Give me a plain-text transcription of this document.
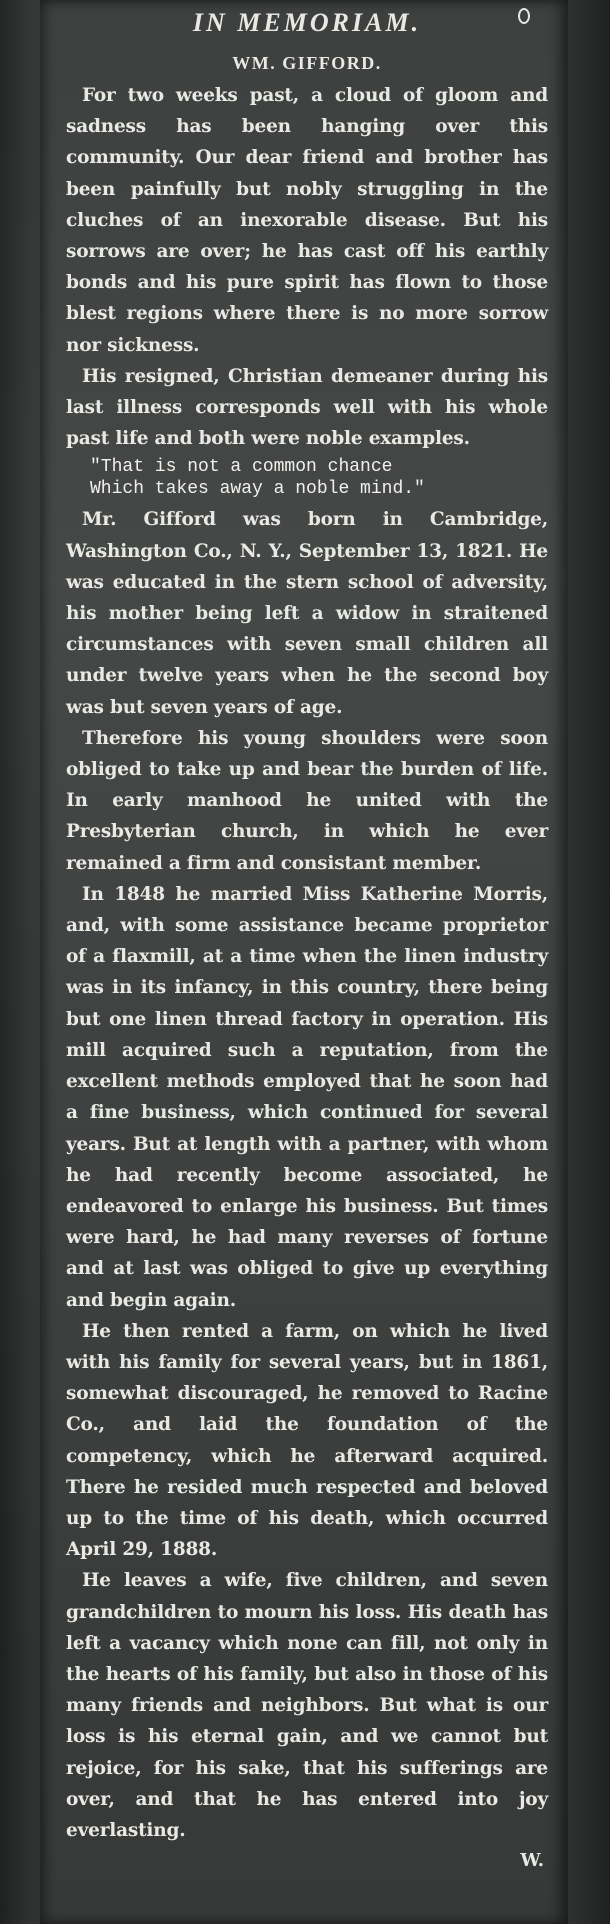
IN MEMORIAM.
WM. GIFFORD.

For two weeks past, a cloud of gloom and sadness has been hanging over this community. Our dear friend and brother has been painfully but nobly struggling in the cluches of an inexorable disease. But his sorrows are over; he has cast off his earthly bonds and his pure spirit has flown to those blest regions where there is no more sorrow nor sickness.

His resigned, Christian demeaner during his last illness corresponds well with his whole past life and both were noble examples.

"That is not a common chance
Which takes away a noble mind."

Mr. Gifford was born in Cambridge, Washington Co., N. Y., September 13, 1821. He was educated in the stern school of adversity, his mother being left a widow in straitened circumstances with seven small children all under twelve years when he the second boy was but seven years of age.

Therefore his young shoulders were soon obliged to take up and bear the burden of life. In early manhood he united with the Presbyterian church, in which he ever remained a firm and consistant member.

In 1848 he married Miss Katherine Morris, and, with some assistance became proprietor of a flaxmill, at a time when the linen industry was in its infancy, in this country, there being but one linen thread factory in operation. His mill acquired such a reputation, from the excellent methods employed that he soon had a fine business, which continued for several years. But at length with a partner, with whom he had recently become associated, he endeavored to enlarge his business. But times were hard, he had many reverses of fortune and at last was obliged to give up everything and begin again.

He then rented a farm, on which he lived with his family for several years, but in 1861, somewhat discouraged, he removed to Racine Co., and laid the foundation of the competency, which he afterward acquired. There he resided much respected and beloved up to the time of his death, which occurred April 29, 1888.

He leaves a wife, five children, and seven grandchildren to mourn his loss. His death has left a vacancy which none can fill, not only in the hearts of his family, but also in those of his many friends and neighbors. But what is our loss is his eternal gain, and we cannot but rejoice, for his sake, that his sufferings are over, and that he has entered into joy everlasting.

W.
